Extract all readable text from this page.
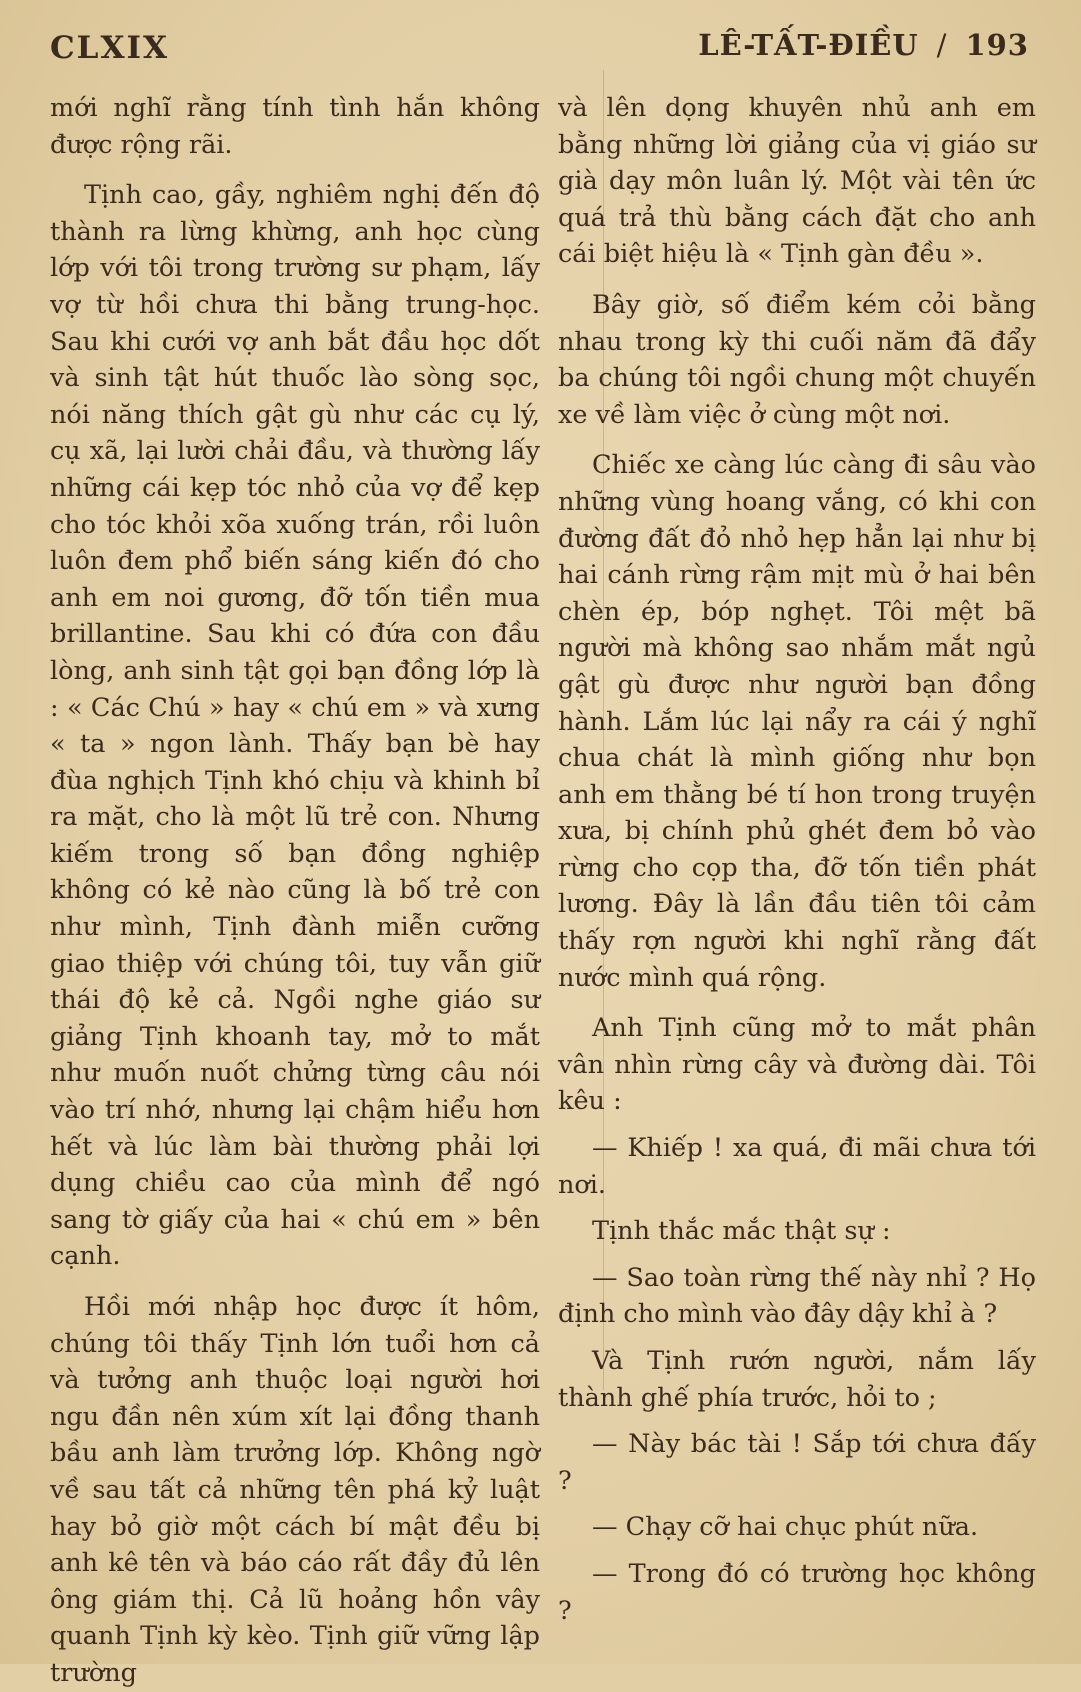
CLXIX	LÊ-TẤT-ĐIỀU / 193

mới nghĩ rằng tính tình hắn không được rộng rãi.

Tịnh cao, gầy, nghiêm nghị đến độ thành ra lừng khừng, anh học cùng lớp với tôi trong trường sư phạm, lấy vợ từ hồi chưa thi bằng trung-học. Sau khi cưới vợ anh bắt đầu học dốt và sinh tật hút thuốc lào sòng sọc, nói năng thích gật gù như các cụ lý, cụ xã, lại lười chải đầu, và thường lấy những cái kẹp tóc nhỏ của vợ để kẹp cho tóc khỏi xõa xuống trán, rồi luôn luôn đem phổ biến sáng kiến đó cho anh em noi gương, đỡ tốn tiền mua brillantine. Sau khi có đứa con đầu lòng, anh sinh tật gọi bạn đồng lớp là : « Các Chú » hay « chú em » và xưng « ta » ngon lành. Thấy bạn bè hay đùa nghịch Tịnh khó chịu và khinh bỉ ra mặt, cho là một lũ trẻ con. Nhưng kiếm trong số bạn đồng nghiệp không có kẻ nào cũng là bố trẻ con như mình, Tịnh đành miễn cưỡng giao thiệp với chúng tôi, tuy vẫn giữ thái độ kẻ cả. Ngồi nghe giáo sư giảng Tịnh khoanh tay, mở to mắt như muốn nuốt chửng từng câu nói vào trí nhớ, nhưng lại chậm hiểu hơn hết và lúc làm bài thường phải lợi dụng chiều cao của mình để ngó sang tờ giấy của hai « chú em » bên cạnh.

Hồi mới nhập học được ít hôm, chúng tôi thấy Tịnh lớn tuổi hơn cả và tưởng anh thuộc loại người hơi ngu đần nên xúm xít lại đồng thanh bầu anh làm trưởng lớp. Không ngờ về sau tất cả những tên phá kỷ luật hay bỏ giờ một cách bí mật đều bị anh kê tên và báo cáo rất đầy đủ lên ông giám thị. Cả lũ hoảng hồn vây quanh Tịnh kỳ kèo. Tịnh giữ vững lập trường

và lên dọng khuyên nhủ anh em bằng những lời giảng của vị giáo sư già dạy môn luân lý. Một vài tên ức quá trả thù bằng cách đặt cho anh cái biệt hiệu là « Tịnh gàn đều ».

Bây giờ, số điểm kém cỏi bằng nhau trong kỳ thi cuối năm đã đẩy ba chúng tôi ngồi chung một chuyến xe về làm việc ở cùng một nơi.

Chiếc xe càng lúc càng đi sâu vào những vùng hoang vắng, có khi con đường đất đỏ nhỏ hẹp hẳn lại như bị hai cánh rừng rậm mịt mù ở hai bên chèn ép, bóp nghẹt. Tôi mệt bã người mà không sao nhắm mắt ngủ gật gù được như người bạn đồng hành. Lắm lúc lại nẩy ra cái ý nghĩ chua chát là mình giống như bọn anh em thằng bé tí hon trong truyện xưa, bị chính phủ ghét đem bỏ vào rừng cho cọp tha, đỡ tốn tiền phát lương. Đây là lần đầu tiên tôi cảm thấy rợn người khi nghĩ rằng đất nước mình quá rộng.

Anh Tịnh cũng mở to mắt phân vân nhìn rừng cây và đường dài. Tôi kêu :

— Khiếp ! xa quá, đi mãi chưa tới nơi.

Tịnh thắc mắc thật sự :

— Sao toàn rừng thế này nhỉ ? Họ định cho mình vào đây dậy khỉ à ?

Và Tịnh rướn người, nắm lấy thành ghế phía trước, hỏi to ;

— Này bác tài ! Sắp tới chưa đấy ?

— Chạy cỡ hai chục phút nữa.

— Trong đó có trường học không ?
